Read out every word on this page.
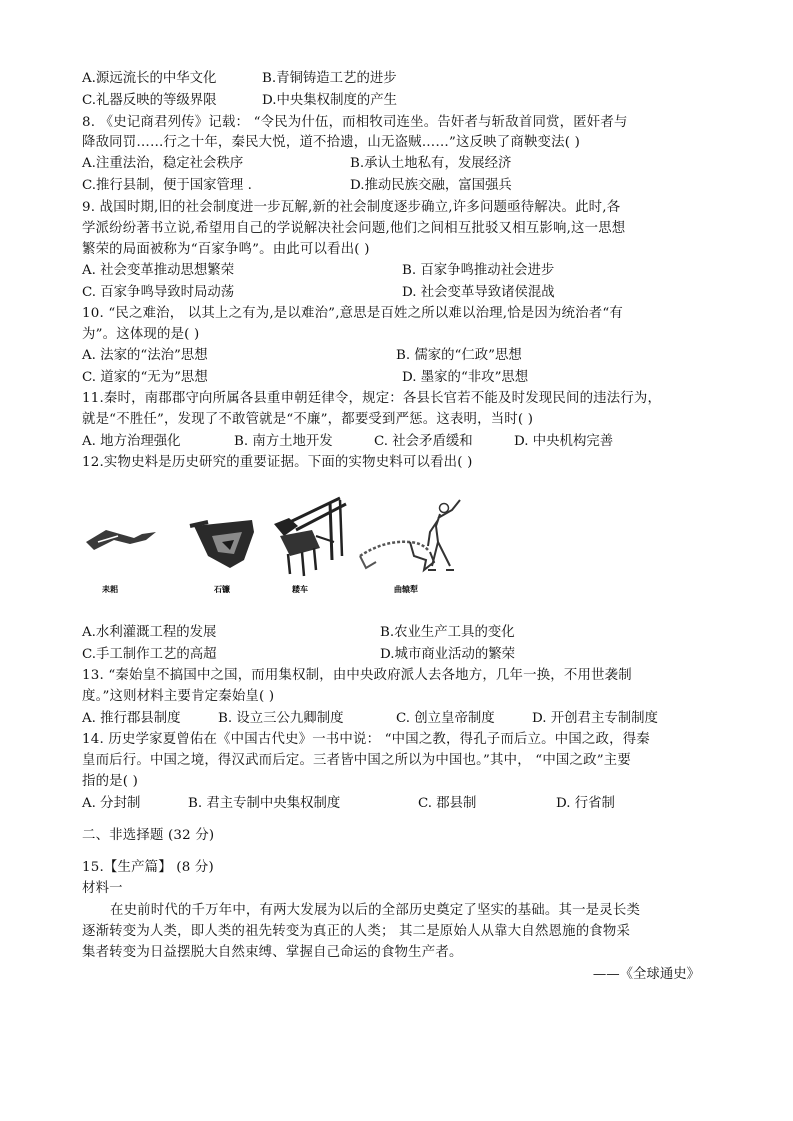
A.源远流长的中华文化	B.青铜铸造工艺的进步
C.礼器反映的等级界限	D.中央集权制度的产生
8. 《史记商君列传》记载： “令民为什伍，而相牧司连坐。告奸者与斩敌首同赏，匿奸者与
降敌同罚……行之十年，秦民大悦，道不拾遗，山无盗贼……”这反映了商鞅变法( )
A.注重法治，稳定社会秩序	B.承认土地私有，发展经济
C.推行县制，便于国家管理 .	D.推动民族交融，富国强兵
9. 战国时期,旧的社会制度进一步瓦解,新的社会制度逐步确立,许多问题亟待解决。此时,各
学派纷纷著书立说,希望用自己的学说解决社会问题,他们之间相互批驳又相互影响,这一思想
繁荣的局面被称为“百家争鸣”。由此可以看出( )
A. 社会变革推动思想繁荣	B. 百家争鸣推动社会进步
C. 百家争鸣导致时局动荡	D. 社会变革导致诸侯混战
10. “民之难治， 以其上之有为,是以难治”,意思是百姓之所以难以治理,恰是因为统治者“有
为”。这体现的是( )
A. 法家的“法治”思想	B. 儒家的“仁政”思想
C. 道家的“无为”思想	D. 墨家的“非攻”思想
11.秦时，南郡郡守向所属各县重申朝廷律令，规定：各县长官若不能及时发现民间的违法行为，
就是“不胜任”，发现了不敢管就是“不廉”，都要受到严惩。这表明，当时( )
A. 地方治理强化	B. 南方土地开发	C. 社会矛盾缓和	D. 中央机构完善
12.实物史料是历史研究的重要证据。下面的实物史料可以看出( )
耒耜	石镰	耧车	曲辕犁
A.水利灌溉工程的发展	B.农业生产工具的变化
C.手工制作工艺的高超	D.城市商业活动的繁荣
13. “秦始皇不搞国中之国，而用集权制，由中央政府派人去各地方，几年一换，不用世袭制
度。”这则材料主要肯定秦始皇( )
A. 推行郡县制度	B. 设立三公九卿制度	C. 创立皇帝制度	D. 开创君主专制制度
14. 历史学家夏曾佑在《中国古代史》一书中说： “中国之教，得孔子而后立。中国之政，得秦
皇而后行。中国之境，得汉武而后定。三者皆中国之所以为中国也。”其中， “中国之政”主要
指的是( )
A. 分封制	B. 君主专制中央集权制度	C. 郡县制	D. 行省制
二、非选择题 (32 分)
15.【生产篇】 (8 分)
材料一
在史前时代的千万年中，有两大发展为以后的全部历史奠定了坚实的基础。其一是灵长类
逐渐转变为人类，即人类的祖先转变为真正的人类； 其二是原始人从靠大自然恩施的食物采
集者转变为日益摆脱大自然束缚、掌握自己命运的食物生产者。
——《全球通史》
